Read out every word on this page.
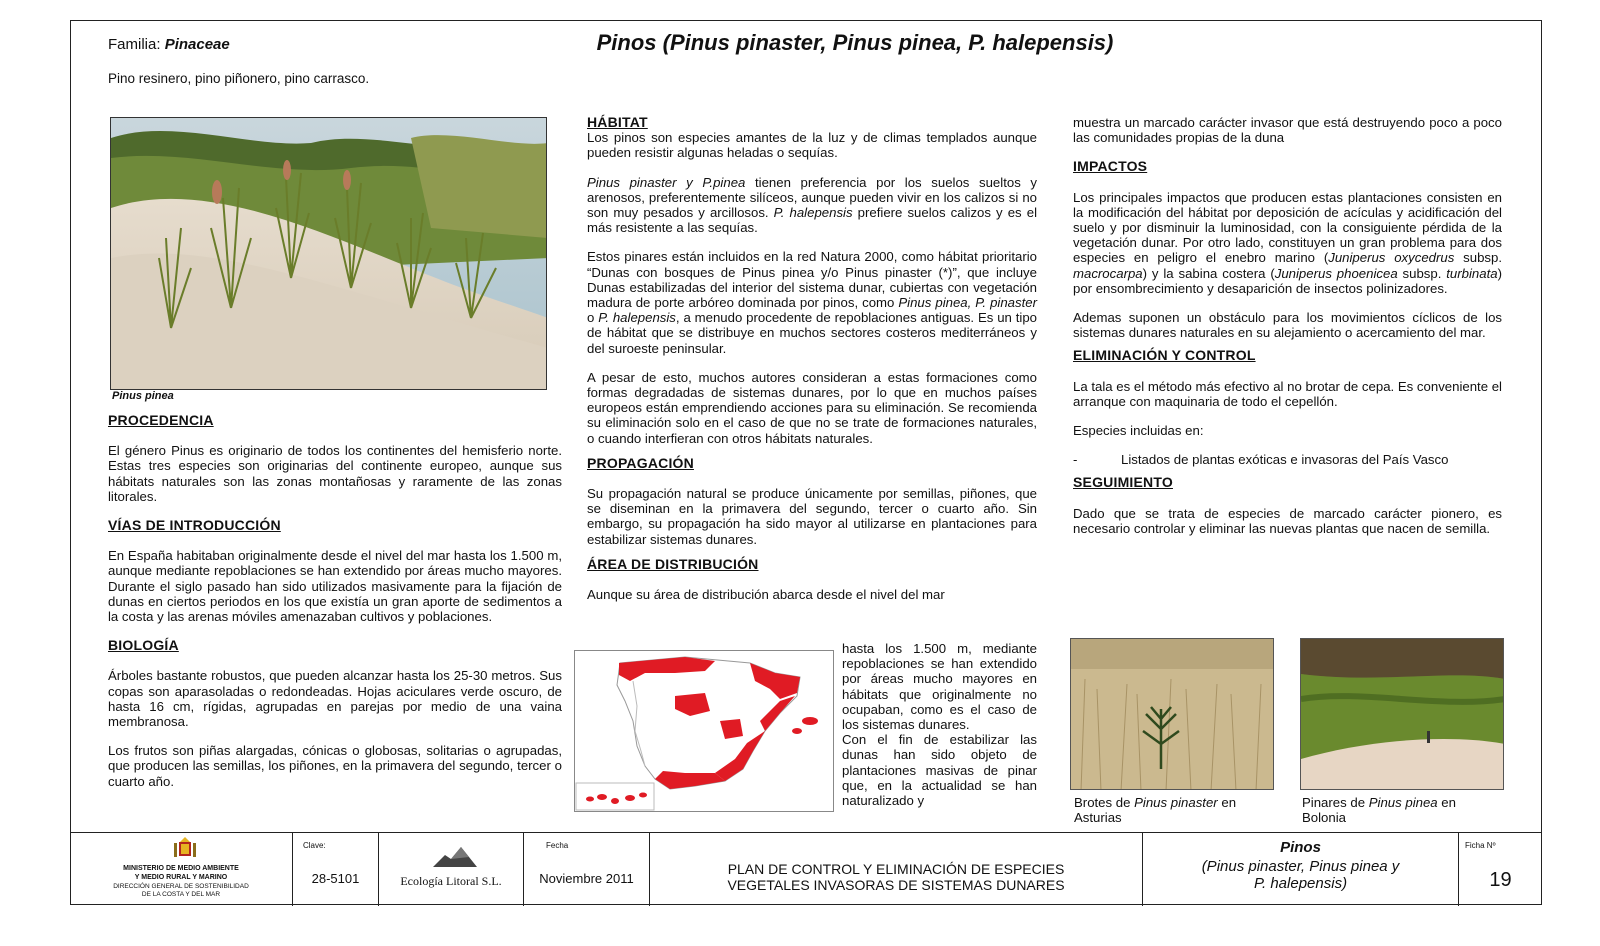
Familia: Pinaceae	Pinos (Pinus pinaster, Pinus pinea, P. halepensis)
Pino resinero, pino piñonero, pino carrasco.
Pinus pinea
PROCEDENCIA

El género Pinus es originario de todos los continentes del hemisferio norte. Estas tres especies son originarias del continente europeo, aunque sus hábitats naturales son las zonas montañosas y raramente de las zonas litorales.

VÍAS DE INTRODUCCIÓN

En España habitaban originalmente desde el nivel del mar hasta los 1.500 m, aunque mediante repoblaciones se han extendido por áreas mucho mayores. Durante el siglo pasado han sido utilizados masivamente para la fijación de dunas en ciertos periodos en los que existía un gran aporte de sedimentos a la costa y las arenas móviles amenazaban cultivos y poblaciones.

BIOLOGÍA

Árboles bastante robustos, que pueden alcanzar hasta los 25-30 metros. Sus copas son aparasoladas o redondeadas. Hojas aciculares verde oscuro, de hasta 16 cm, rígidas, agrupadas en parejas por medio de una vaina membranosa.

Los frutos son piñas alargadas, cónicas o globosas, solitarias o agrupadas, que producen las semillas, los piñones, en la primavera del segundo, tercer o cuarto año.

HÁBITAT

Los pinos son especies amantes de la luz y de climas templados aunque pueden resistir algunas heladas o sequías.

Pinus pinaster y P.pinea tienen preferencia por los suelos sueltos y arenosos, preferentemente silíceos, aunque pueden vivir en los calizos si no son muy pesados y arcillosos. P. halepensis prefiere suelos calizos y es el más resistente a las sequías.

Estos pinares están incluidos en la red Natura 2000, como hábitat prioritario “Dunas con bosques de Pinus pinea y/o Pinus pinaster (*)”, que incluye Dunas estabilizadas del interior del sistema dunar, cubiertas con vegetación madura de porte arbóreo dominada por pinos, como Pinus pinea, P. pinaster o P. halepensis, a menudo procedente de repoblaciones antiguas. Es un tipo de hábitat que se distribuye en muchos sectores costeros mediterráneos y del suroeste peninsular.

A pesar de esto, muchos autores consideran a estas formaciones como formas degradadas de sistemas dunares, por lo que en muchos países europeos están emprendiendo acciones para su eliminación. Se recomienda su eliminación solo en el caso de que no se trate de formaciones naturales, o cuando interfieran con otros hábitats naturales.

PROPAGACIÓN

Su propagación natural se produce únicamente por semillas, piñones, que se diseminan en la primavera del segundo, tercer o cuarto año. Sin embargo, su propagación ha sido mayor al utilizarse en plantaciones para estabilizar sistemas dunares.

ÁREA DE DISTRIBUCIÓN

Aunque su área de distribución abarca desde el nivel del mar

hasta los 1.500 m, mediante repoblaciones se han extendido por áreas mucho mayores en hábitats que originalmente no ocupaban, como es el caso de los sistemas dunares.
Con el fin de estabilizar las dunas han sido objeto de plantaciones masivas de pinar que, en la actualidad se han naturalizado y

muestra un marcado carácter invasor que está destruyendo poco a poco las comunidades propias de la duna

IMPACTOS

Los principales impactos que producen estas plantaciones consisten en la modificación del hábitat por deposición de acículas y acidificación del suelo y por disminuir la luminosidad, con la consiguiente pérdida de la vegetación dunar. Por otro lado, constituyen un gran problema para dos especies en peligro el enebro marino (Juniperus oxycedrus subsp. macrocarpa) y la sabina costera (Juniperus phoenicea subsp. turbinata) por ensombrecimiento y desaparición de insectos polinizadores.

Ademas suponen un obstáculo para los movimientos cíclicos de los sistemas dunares naturales en su alejamiento o acercamiento del mar.

ELIMINACIÓN Y CONTROL

La tala es el método más efectivo al no brotar de cepa. Es conveniente el arranque con maquinaria de todo el cepellón.

Especies incluidas en:

-	Listados de plantas exóticas e invasoras del País Vasco
SEGUIMIENTO

Dado que se trata de especies de marcado carácter pionero, es necesario controlar y eliminar las nuevas plantas que nacen de semilla.

Brotes de Pinus pinaster en Asturias
Pinares de Pinus pinea en Bolonia
MINISTERIO DE MEDIO AMBIENTE
Y MEDIO RURAL Y MARINO
DIRECCIÓN GENERAL DE SOSTENIBILIDAD
DE LA COSTA Y DEL MAR
Clave:
28-5101	Ecología Litoral S.L.
Fecha
Noviembre 2011
PLAN DE CONTROL Y ELIMINACIÓN DE ESPECIES
VEGETALES INVASORAS DE SISTEMAS DUNARES
Pinos
(Pinus pinaster, Pinus pinea y
P. halepensis)
Ficha Nº
19
